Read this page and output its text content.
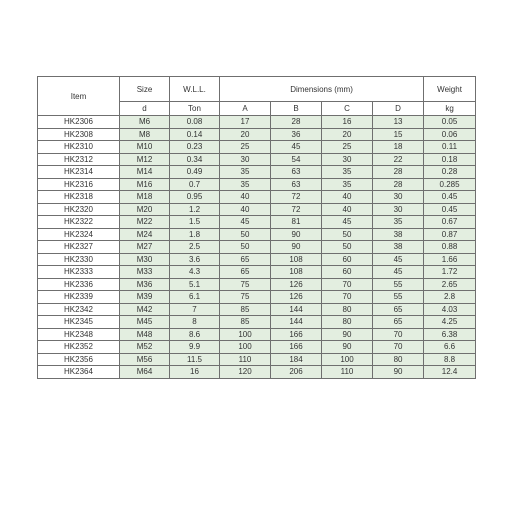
Item	Size	W.L.L.	Dimensions (mm)				Weight
	d	Ton	A	B	C	D	kg
HK2306	M6	0.08	17	28	16	13	0.05
HK2308	M8	0.14	20	36	20	15	0.06
HK2310	M10	0.23	25	45	25	18	0.11
HK2312	M12	0.34	30	54	30	22	0.18
HK2314	M14	0.49	35	63	35	28	0.28
HK2316	M16	0.7	35	63	35	28	0.285
HK2318	M18	0.95	40	72	40	30	0.45
HK2320	M20	1.2	40	72	40	30	0.45
HK2322	M22	1.5	45	81	45	35	0.67
HK2324	M24	1.8	50	90	50	38	0.87
HK2327	M27	2.5	50	90	50	38	0.88
HK2330	M30	3.6	65	108	60	45	1.66
HK2333	M33	4.3	65	108	60	45	1.72
HK2336	M36	5.1	75	126	70	55	2.65
HK2339	M39	6.1	75	126	70	55	2.8
HK2342	M42	7	85	144	80	65	4.03
HK2345	M45	8	85	144	80	65	4.25
HK2348	M48	8.6	100	166	90	70	6.38
HK2352	M52	9.9	100	166	90	70	6.6
HK2356	M56	11.5	110	184	100	80	8.8
HK2364	M64	16	120	206	110	90	12.4
